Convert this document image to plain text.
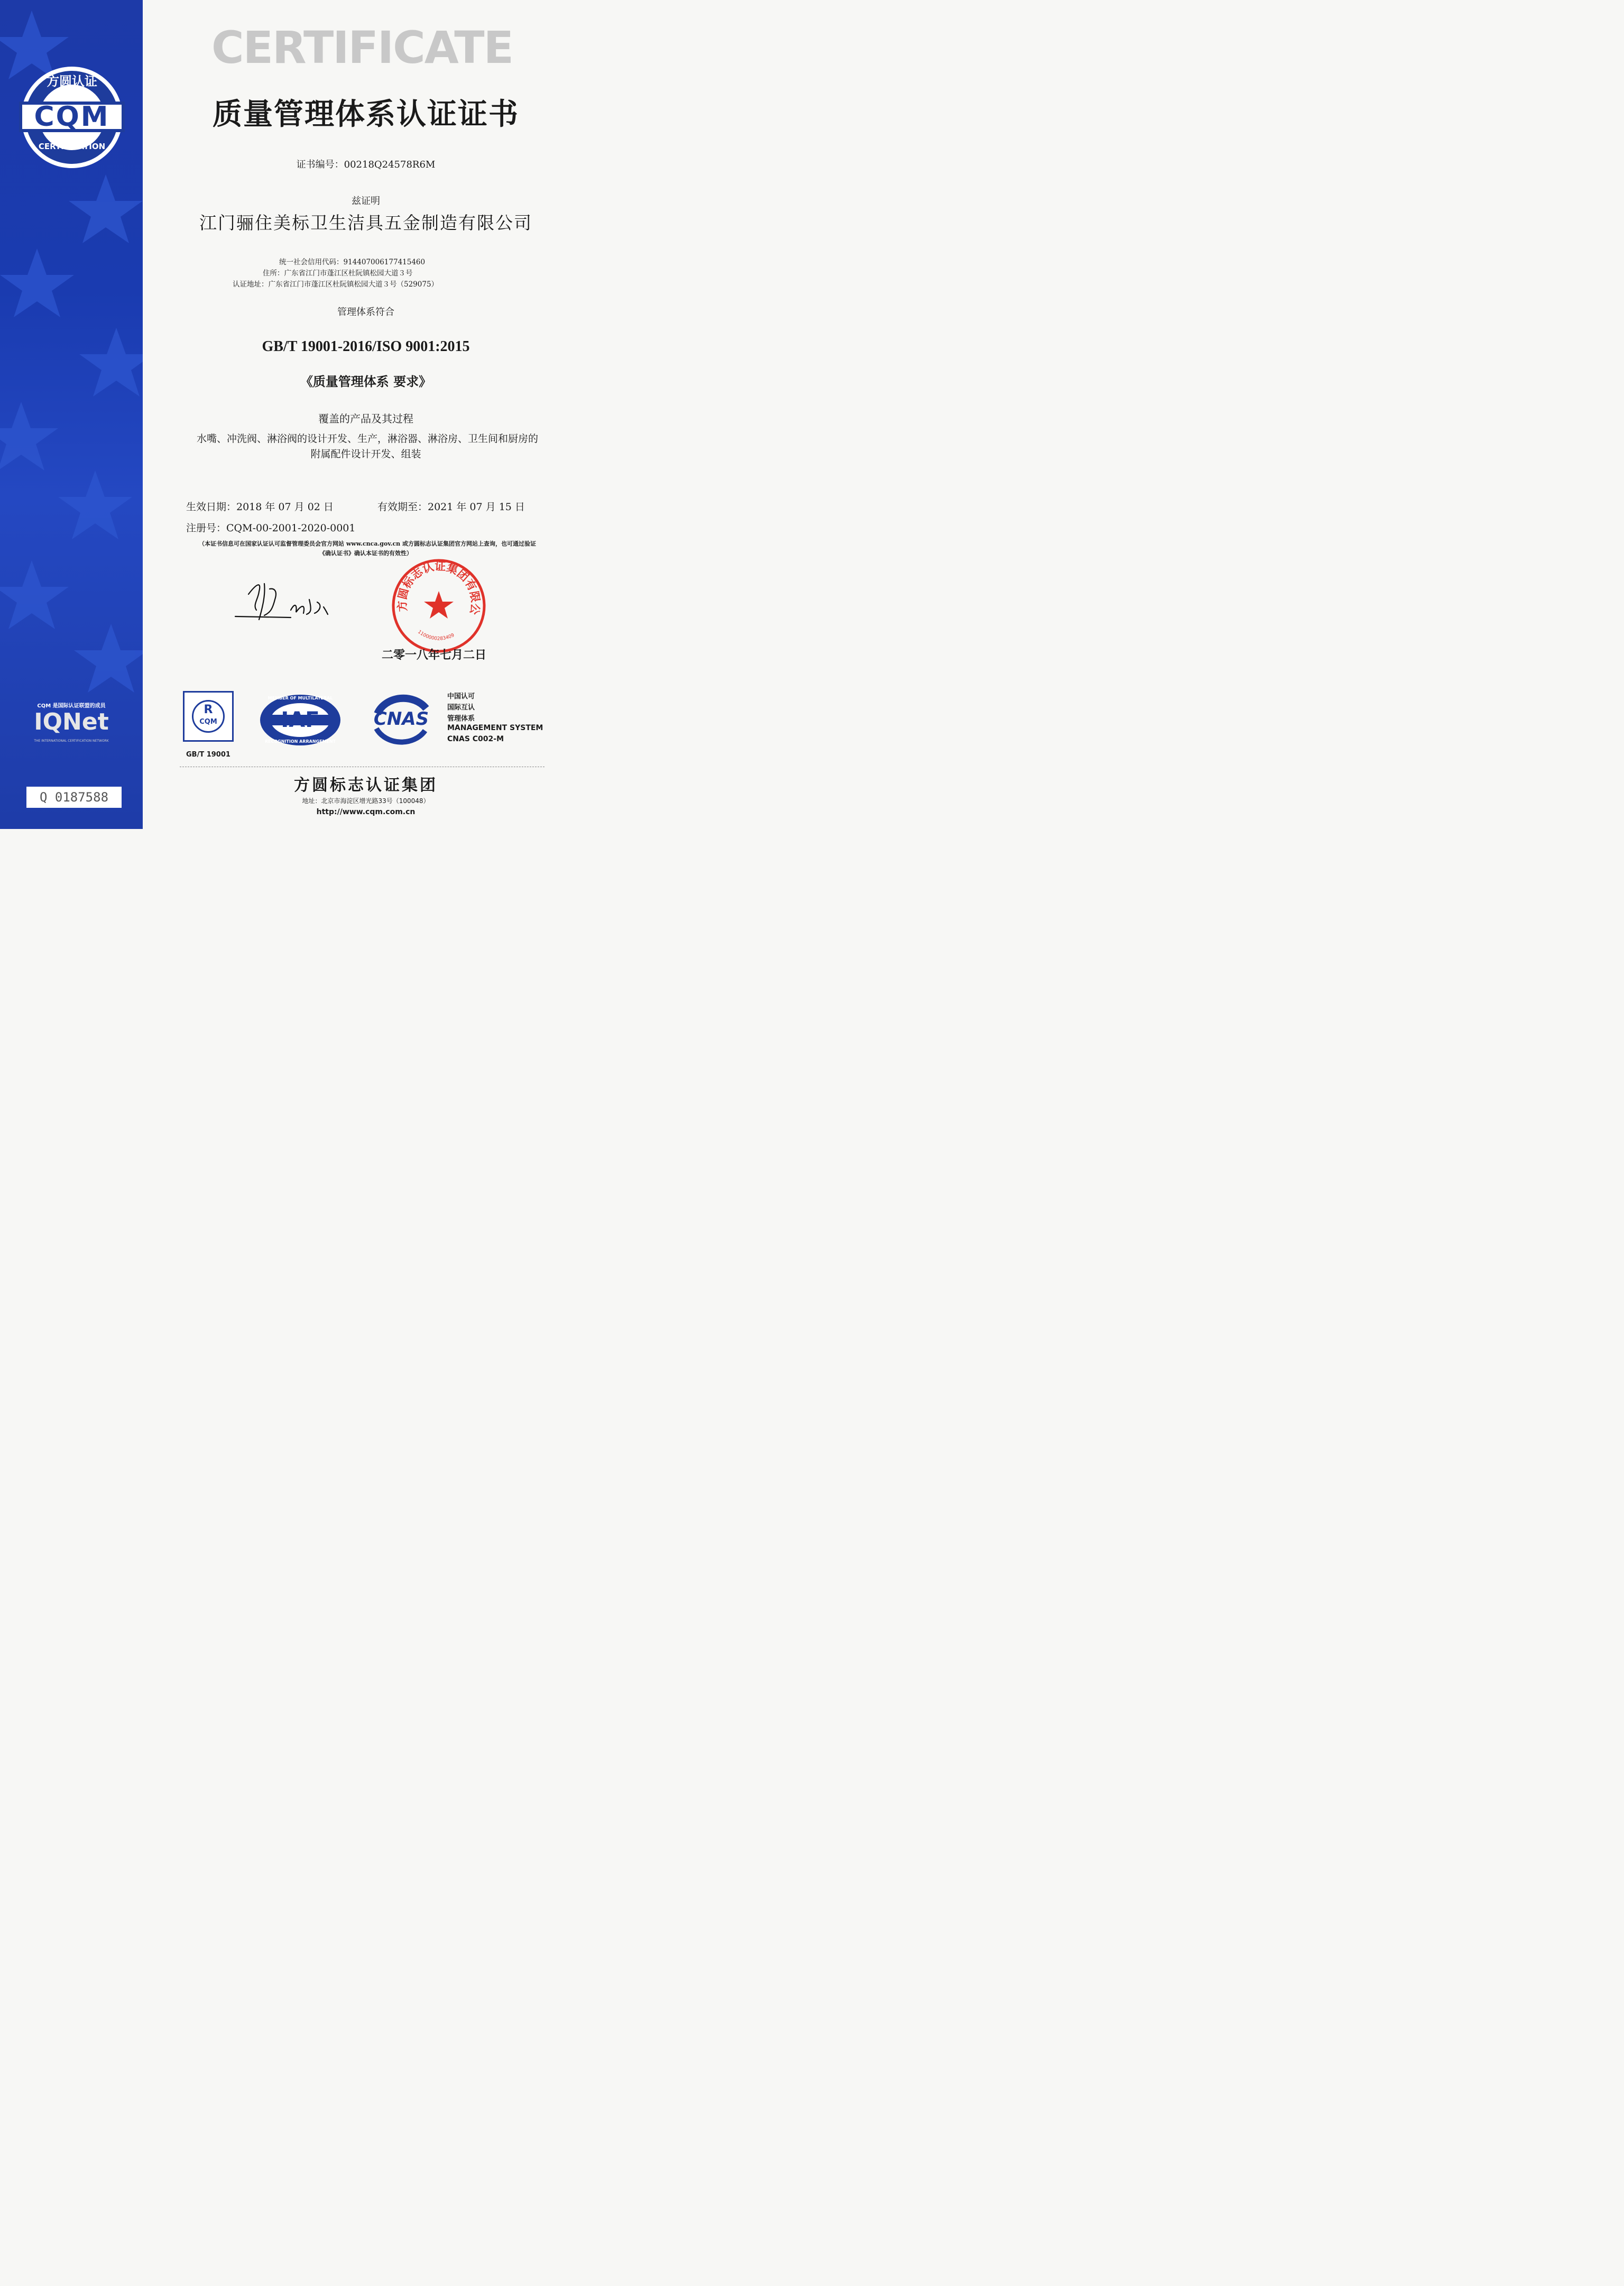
方圆认证
CQM
CERTIFICATION
CQM 是国际认证联盟的成员
IQNet
THE INTERNATIONAL CERTIFICATION NETWORK
Q 0187588
CERTIFICATE
质量管理体系认证证书
证书编号：00218Q24578R6M
兹证明
江门骊住美标卫生洁具五金制造有限公司
统一社会信用代码：914407006177415460
住所：广东省江门市蓬江区杜阮镇松园大道３号
认证地址：广东省江门市蓬江区杜阮镇松园大道３号（529075）
管理体系符合
GB/T 19001-2016/ISO 9001:2015
《质量管理体系 要求》
覆盖的产品及其过程
水嘴、冲洗阀、淋浴阀的设计开发、生产，淋浴器、淋浴房、卫生间和厨房的
附属配件设计开发、组装
生效日期：2018 年 07 月 02 日	有效期至：2021 年 07 月 15 日
注册号：CQM-00-2001-2020-0001
（本证书信息可在国家认证认可监督管理委员会官方网站 www.cnca.gov.cn 或方圆标志认证集团官方网站上查询，也可通过验证
《确认证书》确认本证书的有效性）
方圆标志认证集团有限公
1100000283409
二零一八年七月二日
R
CQM
GB/T 19001
MEMBER OF MULTILATERAL
IAF
RECOGNITION ARRANGEMENT
CNAS
中国认可
国际互认
管理体系
MANAGEMENT SYSTEM
CNAS C002-M
方圆标志认证集团
地址：北京市海淀区增光路33号（100048）
http://www.cqm.com.cn
